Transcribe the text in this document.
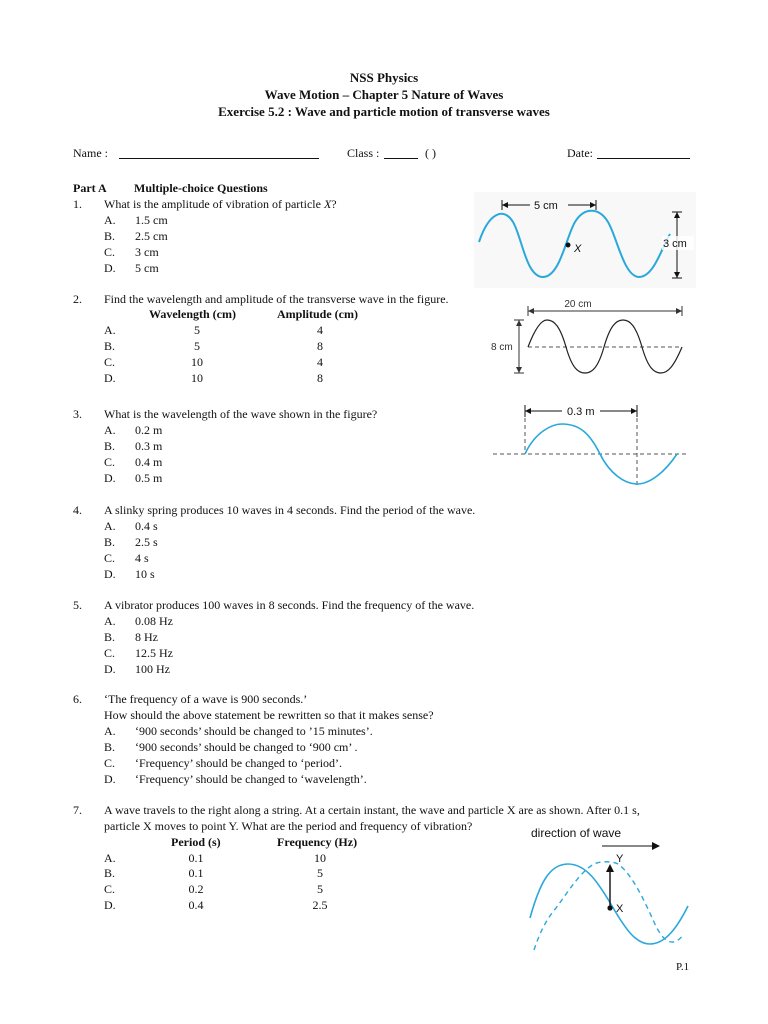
NSS Physics
Wave Motion – Chapter 5 Nature of Waves
Exercise 5.2 : Wave and particle motion of transverse waves
Name :	Class :	( )	Date:
Part A Multiple-choice Questions
1. What is the amplitude of vibration of particle X?
A. 1.5 cm
B. 2.5 cm
C. 3 cm
D. 5 cm
5 cm
X	3 cm
2. Find the wavelength and amplitude of the transverse wave in the figure.
Wavelength (cm)	Amplitude (cm)
A.	5	4
B.	5	8
C.	10	4
D.	10	8
20 cm
8 cm
3. What is the wavelength of the wave shown in the figure?
A. 0.2 m
B. 0.3 m
C. 0.4 m
D. 0.5 m
0.3 m
4. A slinky spring produces 10 waves in 4 seconds. Find the period of the wave.
A. 0.4 s
B. 2.5 s
C. 4 s
D. 10 s
5. A vibrator produces 100 waves in 8 seconds. Find the frequency of the wave.
A. 0.08 Hz
B. 8 Hz
C. 12.5 Hz
D. 100 Hz
6. ‘The frequency of a wave is 900 seconds.’
How should the above statement be rewritten so that it makes sense?
A. ‘900 seconds’ should be changed to ’15 minutes’.
B. ‘900 seconds’ should be changed to ‘900 cm’ .
C. ‘Frequency’ should be changed to ‘period’.
D. ‘Frequency’ should be changed to ‘wavelength’.
7. A wave travels to the right along a string. At a certain instant, the wave and particle X are as shown. After 0.1 s,
particle X moves to point Y. What are the period and frequency of vibration?
Period (s)	Frequency (Hz)
A.	0.1	10
B.	0.1	5
C.	0.2	5
D.	0.4	2.5
direction of wave
Y
X
P.1
